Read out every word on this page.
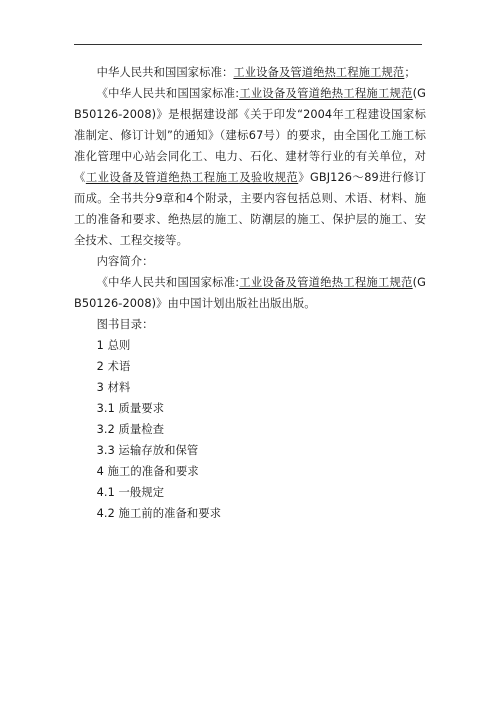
中华人民共和国国家标准：工业设备及管道绝热工程施工规范；

《中华人民共和国国家标准:工业设备及管道绝热工程施工规范(GB50126-2008)》是根据建设部《关于印发“2004年工程建设国家标准制定、修订计划”的通知》（建标67号）的要求，由全国化工施工标准化管理中心站会同化工、电力、石化、建材等行业的有关单位，对《工业设备及管道绝热工程施工及验收规范》GBJ126～89进行修订而成。全书共分9章和4个附录，主要内容包括总则、术语、材料、施工的准备和要求、绝热层的施工、防潮层的施工、保护层的施工、安全技术、工程交接等。

内容简介：

《中华人民共和国国家标准:工业设备及管道绝热工程施工规范(GB50126-2008)》由中国计划出版社出版出版。

图书目录：

1 总则

2 术语

3 材料

3.1 质量要求

3.2 质量检查

3.3 运输存放和保管

4 施工的准备和要求

4.1 一般规定

4.2 施工前的准备和要求
